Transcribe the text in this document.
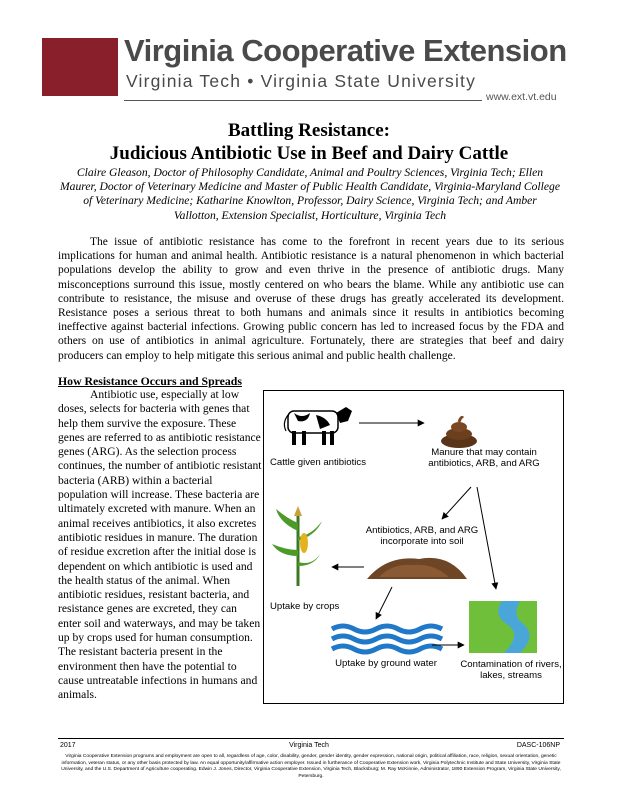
Virginia Cooperative Extension
Virginia Tech • Virginia State University
www.ext.vt.edu
Battling Resistance:
Judicious Antibiotic Use in Beef and Dairy Cattle
Claire Gleason, Doctor of Philosophy Candidate, Animal and Poultry Sciences, Virginia Tech; Ellen Maurer, Doctor of Veterinary Medicine and Master of Public Health Candidate, Virginia-Maryland College of Veterinary Medicine; Katharine Knowlton, Professor, Dairy Science, Virginia Tech; and Amber Vallotton, Extension Specialist, Horticulture, Virginia Tech

The issue of antibiotic resistance has come to the forefront in recent years due to its serious implications for human and animal health. Antibiotic resistance is a natural phenomenon in which bacterial populations develop the ability to grow and even thrive in the presence of antibiotic drugs. Many misconceptions surround this issue, mostly centered on who bears the blame. While any antibiotic use can contribute to resistance, the misuse and overuse of these drugs has greatly accelerated its development. Resistance poses a serious threat to both humans and animals since it results in antibiotics becoming ineffective against bacterial infections. Growing public concern has led to increased focus by the FDA and others on use of antibiotics in animal agriculture. Fortunately, there are strategies that beef and dairy producers can employ to help mitigate this serious animal and public health challenge.

How Resistance Occurs and Spreads

Antibiotic use, especially at low doses, selects for bacteria with genes that help them survive the exposure. These genes are referred to as antibiotic resistance genes (ARG). As the selection process continues, the number of antibiotic resistant bacteria (ARB) within a bacterial population will increase. These bacteria are ultimately excreted with manure. When an animal receives antibiotics, it also excretes antibiotic residues in manure. The duration of residue excretion after the initial dose is dependent on which antibiotic is used and the health status of the animal. When antibiotic residues, resistant bacteria, and resistance genes are excreted, they can enter soil and waterways, and may be taken up by crops used for human consumption. The resistant bacteria present in the environment then have the potential to cause untreatable infections in humans and animals.

Cattle given antibiotics
Manure that may contain antibiotics, ARB, and ARG
Antibiotics, ARB, and ARG incorporate into soil
Uptake by crops
Uptake by ground water	Contamination of rivers, lakes, streams
2017	Virginia Tech	DASC-106NP
Virginia Cooperative Extension programs and employment are open to all, regardless of age, color, disability, gender, gender identity, gender expression, national origin, political affiliation, race, religion, sexual orientation, genetic information, veteran status, or any other basis protected by law. An equal opportunity/affirmative action employer. Issued in furtherance of Cooperative Extension work, Virginia Polytechnic Institute and State University, Virginia State University, and the U.S. Department of Agriculture cooperating. Edwin J. Jones, Director, Virginia Cooperative Extension, Virginia Tech, Blacksburg; M. Ray McKinnie, Administrator, 1890 Extension Program, Virginia State University, Petersburg.
